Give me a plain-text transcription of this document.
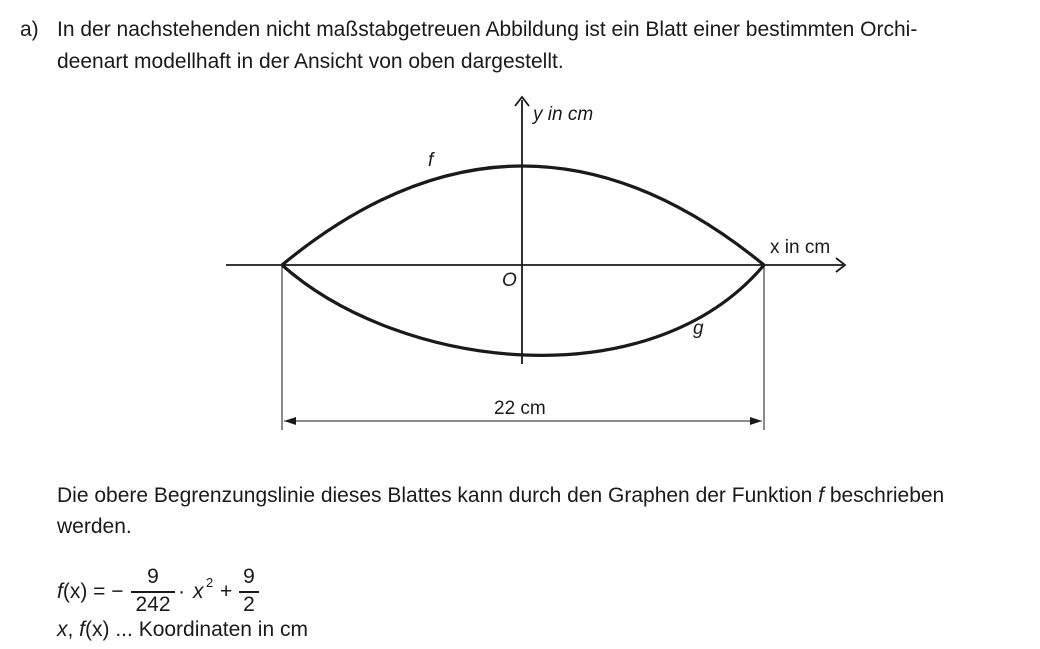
a) In der nachstehenden nicht maßstabgetreuen Abbildung ist ein Blatt einer bestimmten Orchi-
deenart modellhaft in der Ansicht von oben dargestellt.
y in cm
x in cm
O
f
g
22 cm
Die obere Begrenzungslinie dieses Blattes kann durch den Graphen der Funktion f beschrieben
werden.
f(x) = −
9
242
· x 2 +
9
2
x, f(x) ... Koordinaten in cm
